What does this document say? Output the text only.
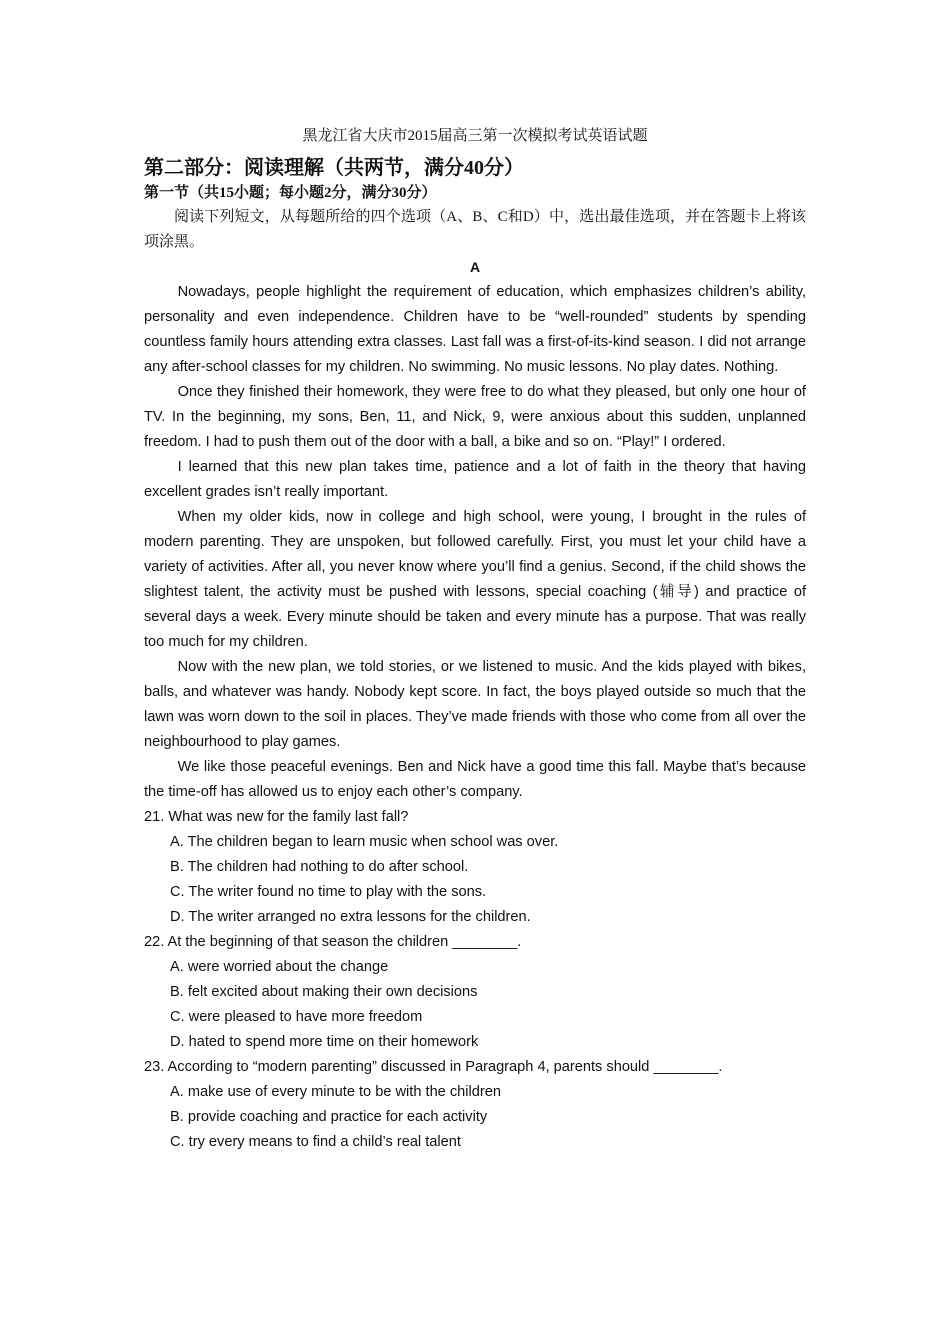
黑龙江省大庆市2015届高三第一次模拟考试英语试题

第二部分：阅读理解（共两节，满分40分）

第一节（共15小题；每小题2分，满分30分）

阅读下列短文，从每题所给的四个选项（A、B、C和D）中，选出最佳选项，并在答题卡上将该项涂黑。

A

Nowadays, people highlight the requirement of education, which emphasizes children’s ability, personality and even independence. Children have to be “well-rounded” students by spending countless family hours attending extra classes. Last fall was a first-of-its-kind season. I did not arrange any after-school classes for my children. No swimming. No music lessons. No play dates. Nothing.

Once they finished their homework, they were free to do what they pleased, but only one hour of TV. In the beginning, my sons, Ben, 11, and Nick, 9, were anxious about this sudden, unplanned freedom. I had to push them out of the door with a ball, a bike and so on. “Play!” I ordered.

I learned that this new plan takes time, patience and a lot of faith in the theory that having excellent grades isn’t really important.

When my older kids, now in college and high school, were young, I brought in the rules of modern parenting. They are unspoken, but followed carefully. First, you must let your child have a variety of activities. After all, you never know where you’ll find a genius. Second, if the child shows the slightest talent, the activity must be pushed with lessons, special coaching (辅导) and practice of several days a week. Every minute should be taken and every minute has a purpose. That was really too much for my children.

Now with the new plan, we told stories, or we listened to music. And the kids played with bikes, balls, and whatever was handy. Nobody kept score. In fact, the boys played outside so much that the lawn was worn down to the soil in places. They’ve made friends with those who come from all over the neighbourhood to play games.

We like those peaceful evenings. Ben and Nick have a good time this fall. Maybe that’s because the time-off has allowed us to enjoy each other’s company.

21. What was new for the family last fall?

A. The children began to learn music when school was over.

B. The children had nothing to do after school.

C. The writer found no time to play with the sons.

D. The writer arranged no extra lessons for the children.

22. At the beginning of that season the children ________.

A. were worried about the change

B. felt excited about making their own decisions

C. were pleased to have more freedom

D. hated to spend more time on their homework

23. According to “modern parenting” discussed in Paragraph 4, parents should ________.

A. make use of every minute to be with the children

B. provide coaching and practice for each activity

C. try every means to find a child’s real talent
